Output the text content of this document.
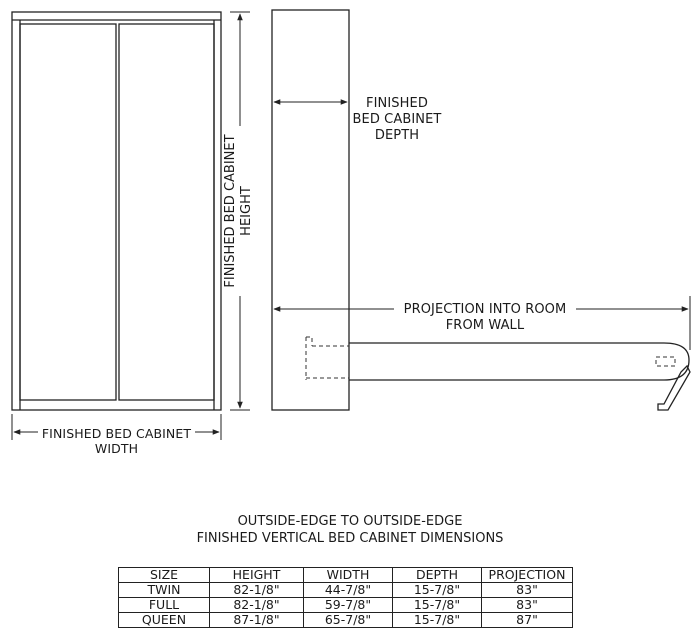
FINISHED BED CABINET
WIDTH
FINISHED BED CABINET
HEIGHT
FINISHED
BED CABINET
DEPTH
PROJECTION INTO ROOM
FROM WALL
OUTSIDE-EDGE TO OUTSIDE-EDGE
FINISHED VERTICAL BED CABINET DIMENSIONS
SIZE	HEIGHT	WIDTH	DEPTH	PROJECTION
TWIN	82-1/8"	44-7/8"	15-7/8"	83"
FULL	82-1/8"	59-7/8"	15-7/8"	83"
QUEEN	87-1/8"	65-7/8"	15-7/8"	87"
